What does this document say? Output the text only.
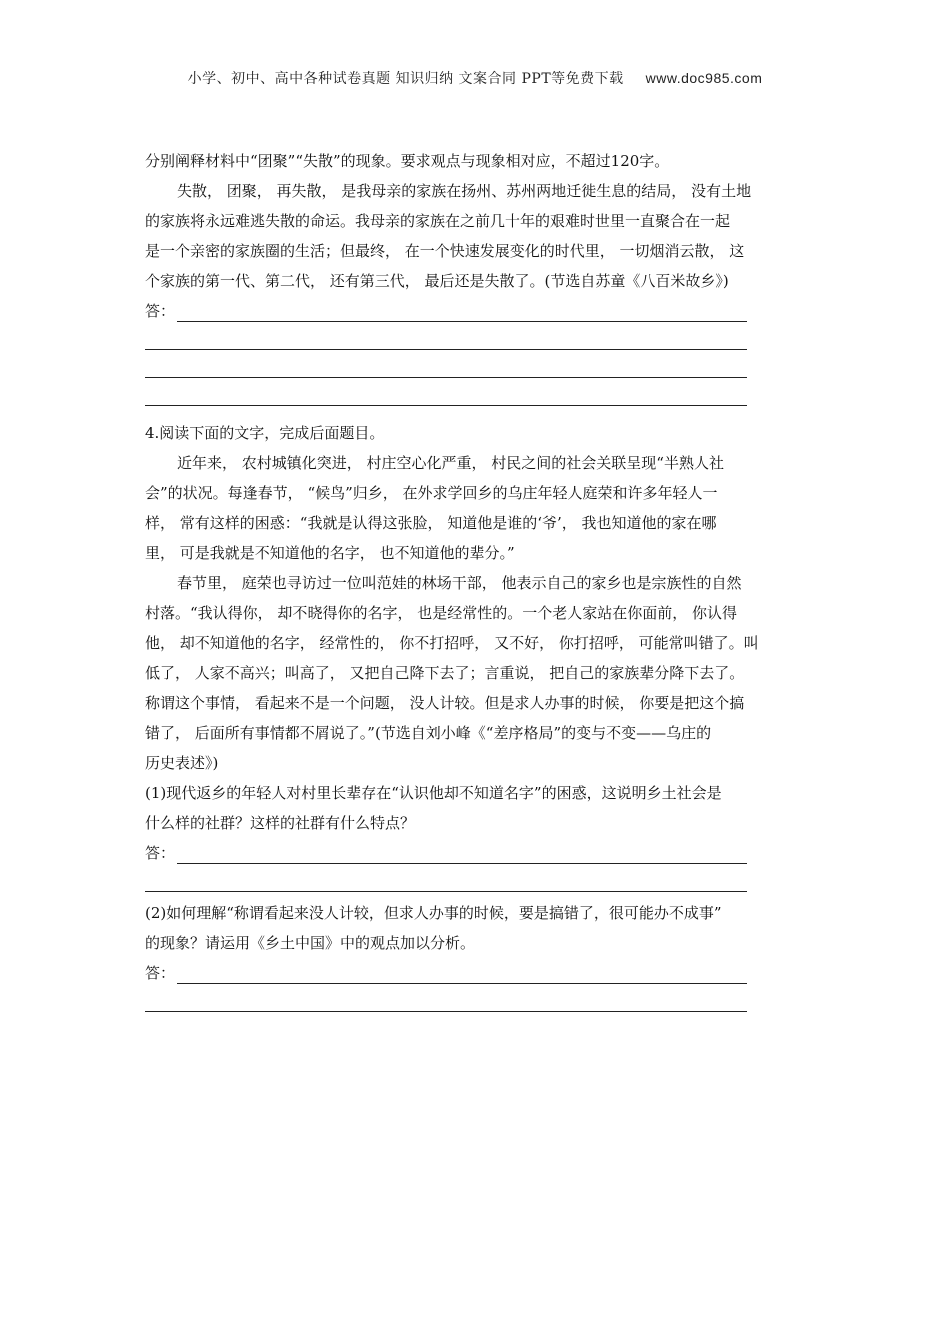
小学、初中、高中各种试卷真题 知识归纳 文案合同 PPT等免费下载 www.doc985.com
分别阐释材料中“团聚”“失散”的现象。要求观点与现象相对应，不超过120字。
失散， 团聚， 再失散， 是我母亲的家族在扬州、苏州两地迁徙生息的结局， 没有土地
的家族将永远难逃失散的命运。我母亲的家族在之前几十年的艰难时世里一直聚合在一起
是一个亲密的家族圈的生活；但最终， 在一个快速发展变化的时代里， 一切烟消云散， 这
个家族的第一代、第二代， 还有第三代， 最后还是失散了。(节选自苏童《八百米故乡》)
答：
4.阅读下面的文字，完成后面题目。
近年来， 农村城镇化突进， 村庄空心化严重， 村民之间的社会关联呈现“半熟人社
会”的状况。每逢春节， “候鸟”归乡， 在外求学回乡的乌庄年轻人庭荣和许多年轻人一
样， 常有这样的困惑：“我就是认得这张脸， 知道他是谁的‘爷’， 我也知道他的家在哪
里， 可是我就是不知道他的名字， 也不知道他的辈分。”
春节里， 庭荣也寻访过一位叫范娃的林场干部， 他表示自己的家乡也是宗族性的自然
村落。“我认得你， 却不晓得你的名字， 也是经常性的。一个老人家站在你面前， 你认得
他， 却不知道他的名字， 经常性的， 你不打招呼， 又不好， 你打招呼， 可能常叫错了。叫
低了， 人家不高兴；叫高了， 又把自己降下去了；言重说， 把自己的家族辈分降下去了。
称谓这个事情， 看起来不是一个问题， 没人计较。但是求人办事的时候， 你要是把这个搞
错了， 后面所有事情都不屑说了。”(节选自刘小峰《“差序格局”的变与不变——乌庄的
历史表述》)
(1)现代返乡的年轻人对村里长辈存在“认识他却不知道名字”的困惑，这说明乡土社会是
什么样的社群？这样的社群有什么特点？
答：
(2)如何理解“称谓看起来没人计较，但求人办事的时候，要是搞错了，很可能办不成事”
的现象？请运用《乡土中国》中的观点加以分析。
答：
